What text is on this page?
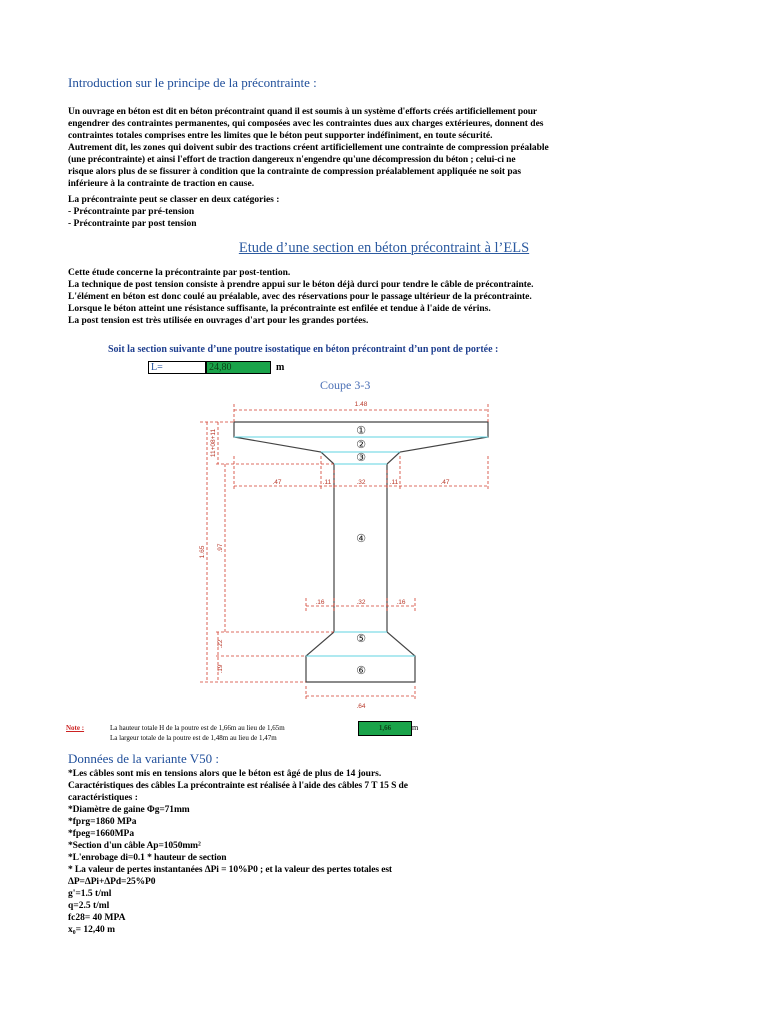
Introduction sur le principe de la précontrainte :
Un ouvrage en béton est dit en béton précontraint quand il est soumis à un système d'efforts créés artificiellement pour
engendrer des contraintes permanentes, qui composées avec les contraintes dues aux charges extérieures, donnent des
contraintes totales comprises entre les limites que le béton peut supporter indéfiniment, en toute sécurité.
Autrement dit, les zones qui doivent subir des tractions créent artificiellement une contrainte de compression préalable
(une précontrainte) et ainsi l'effort de traction dangereux n'engendre qu'une décompression du béton ; celui-ci ne
risque alors plus de se fissurer à condition que la contrainte de compression préalablement appliquée ne soit pas
inférieure à la contrainte de traction en cause.
La précontrainte peut se classer en deux catégories :
- Précontrainte par pré-tension
- Précontrainte par post tension
Etude d’une section en béton précontraint à l’ELS
Cette étude concerne la précontrainte par post-tention.
La technique de post tension consiste à prendre appui sur le béton déjà durci pour tendre le câble de précontrainte.
L'élément en béton est donc coulé au préalable, avec des réservations pour le passage ultérieur de la précontrainte.
Lorsque le béton atteint une résistance suffisante, la précontrainte est enfilée et tendue à l'aide de vérins.
La post tension est très utilisée en ouvrages d'art pour les grandes portées.
Soit la section suivante d’une poutre isostatique en béton précontraint d’un pont de portée :
L=	24,80	m
Coupe 3-3
①
②
③
④
⑤
⑥
1.48
.47	.11	.32	.11	.47
.16	.32	.16
.64
1.65
11+08+11
.97
.22
.19
Note :	La hauteur totale H de la poutre est de 1,66m au lieu de 1,65m
La largeur totale de la poutre est de 1,48m au lieu de 1,47m
1,66	m
Données de la variante V50 :
*Les câbles sont mis en tensions alors que le béton est âgé de plus de 14 jours.
Caractéristiques des câbles La précontrainte est réalisée à l'aide des câbles 7 T 15 S de
caractéristiques :
*Diamètre de gaine Φg=71mm
*fprg=1860 MPa
*fpeg=1660MPa
*Section d'un câble Ap=1050mm²
*L'enrobage di=0.1 * hauteur de section
* La valeur de pertes instantanées ΔPi = 10%P0 ; et la valeur des pertes totales est
ΔP=ΔPi+ΔPd=25%P0
g'=1.5 t/ml
q=2.5 t/ml
fc28= 40 MPA
x₀= 12,40 m
